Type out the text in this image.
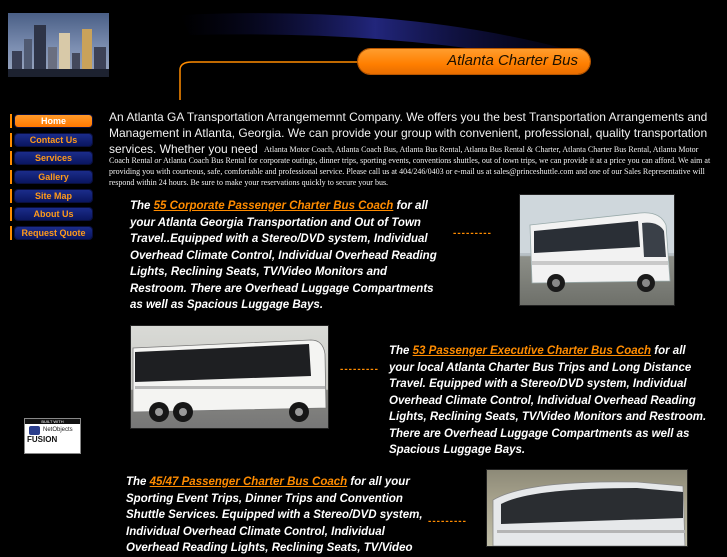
Atlanta Charter Bus
Home
Contact Us
Services
Gallery
Site Map
About Us
Request Quote
BUILT WITH
NetObjects
FUSION
An Atlanta GA Transportation Arrangememnt Company. We offers you the best Transportation Arrangements and Management in Atlanta, Georgia. We can provide your group with convenient, professional, quality transportation services. Whether you need Atlanta Motor Coach, Atlanta Coach Bus, Atlanta Bus Rental, Atlanta Bus Rental & Charter, Atlanta Charter Bus Rental, Atlanta Motor Coach Rental or Atlanta Coach Bus Rental for corporate outings, dinner trips, sporting events, conventions shuttles, out of town trips, we can provide it at a price you can afford. We aim at providing you with courteous, safe, comfortable and professional service. Please call us at 404/246/0403 or e-mail us at sales@princeshuttle.com and one of our Sales Representative will respond within 24 hours. Be sure to make your reservations quickly to secure your bus.
The 55 Corporate Passenger Charter Bus Coach for all your Atlanta Georgia Transportation and Out of Town Travel..Equipped with a Stereo/DVD system, Individual Overhead Climate Control, Individual Overhead Reading Lights, Reclining Seats, TV/Video Monitors and Restroom. There are Overhead Luggage Compartments as well as Spacious Luggage Bays.
---------
The 53 Passenger Executive Charter Bus Coach for all your local Atlanta Charter Bus Trips and Long Distance Travel. Equipped with a Stereo/DVD system, Individual Overhead Climate Control, Individual Overhead Reading Lights, Reclining Seats, TV/Video Monitors and Restroom. There are Overhead Luggage Compartments as well as Spacious Luggage Bays.
---------
The 45/47 Passenger Charter Bus Coach for all your Sporting Event Trips, Dinner Trips and Convention Shuttle Services. Equipped with a Stereo/DVD system, Individual Overhead Climate Control, Individual Overhead Reading Lights, Reclining Seats, TV/Video
---------
